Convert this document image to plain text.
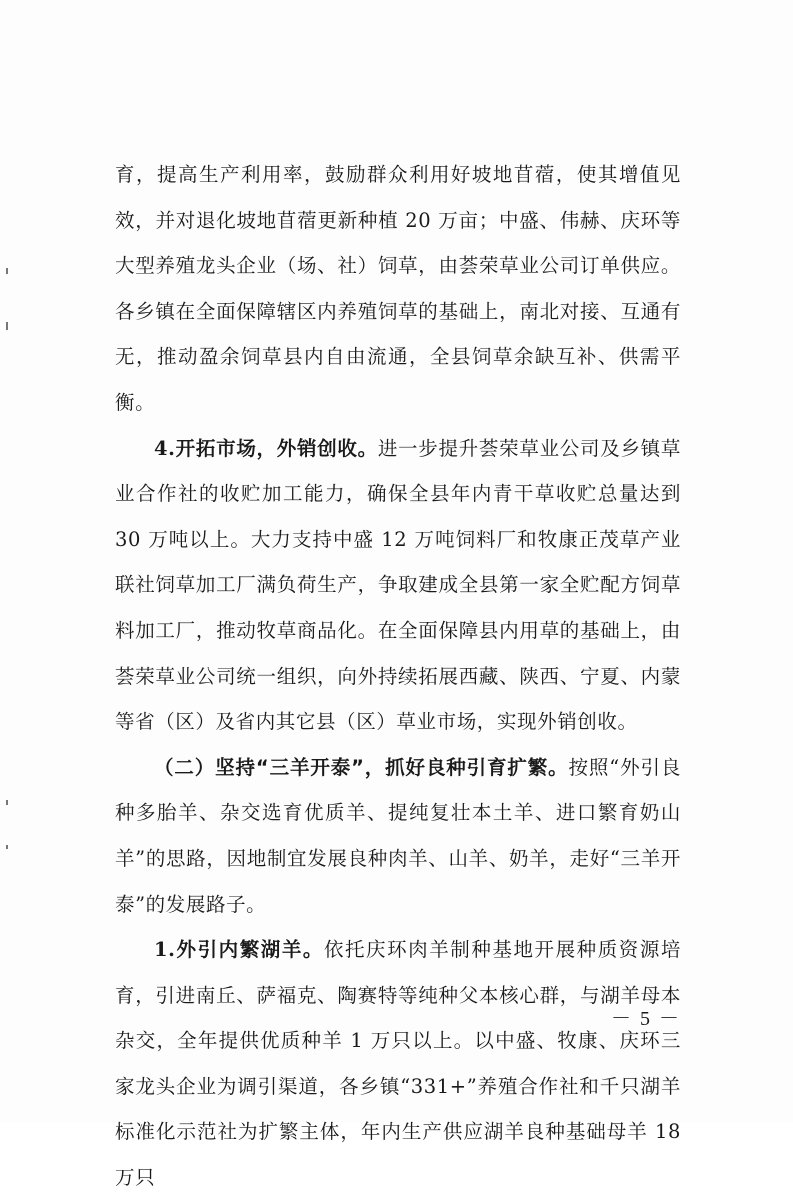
育，提高生产利用率，鼓励群众利用好坡地苜蓿，使其增值见效，并对退化坡地苜蓿更新种植 20 万亩；中盛、伟赫、庆环等大型养殖龙头企业（场、社）饲草，由荟荣草业公司订单供应。各乡镇在全面保障辖区内养殖饲草的基础上，南北对接、互通有无，推动盈余饲草县内自由流通，全县饲草余缺互补、供需平衡。

4.开拓市场，外销创收。进一步提升荟荣草业公司及乡镇草业合作社的收贮加工能力，确保全县年内青干草收贮总量达到 30 万吨以上。大力支持中盛 12 万吨饲料厂和牧康正茂草产业联社饲草加工厂满负荷生产，争取建成全县第一家全贮配方饲草料加工厂，推动牧草商品化。在全面保障县内用草的基础上，由荟荣草业公司统一组织，向外持续拓展西藏、陕西、宁夏、内蒙等省（区）及省内其它县（区）草业市场，实现外销创收。

（二）坚持“三羊开泰”，抓好良种引育扩繁。按照“外引良种多胎羊、杂交选育优质羊、提纯复壮本土羊、进口繁育奶山羊”的思路，因地制宜发展良种肉羊、山羊、奶羊，走好“三羊开泰”的发展路子。

1.外引内繁湖羊。依托庆环肉羊制种基地开展种质资源培育，引进南丘、萨福克、陶赛特等纯种父本核心群，与湖羊母本杂交，全年提供优质种羊 1 万只以上。以中盛、牧康、庆环三家龙头企业为调引渠道，各乡镇“331+”养殖合作社和千只湖羊标准化示范社为扩繁主体，年内生产供应湖羊良种基础母羊 18 万只

－ 5 －
